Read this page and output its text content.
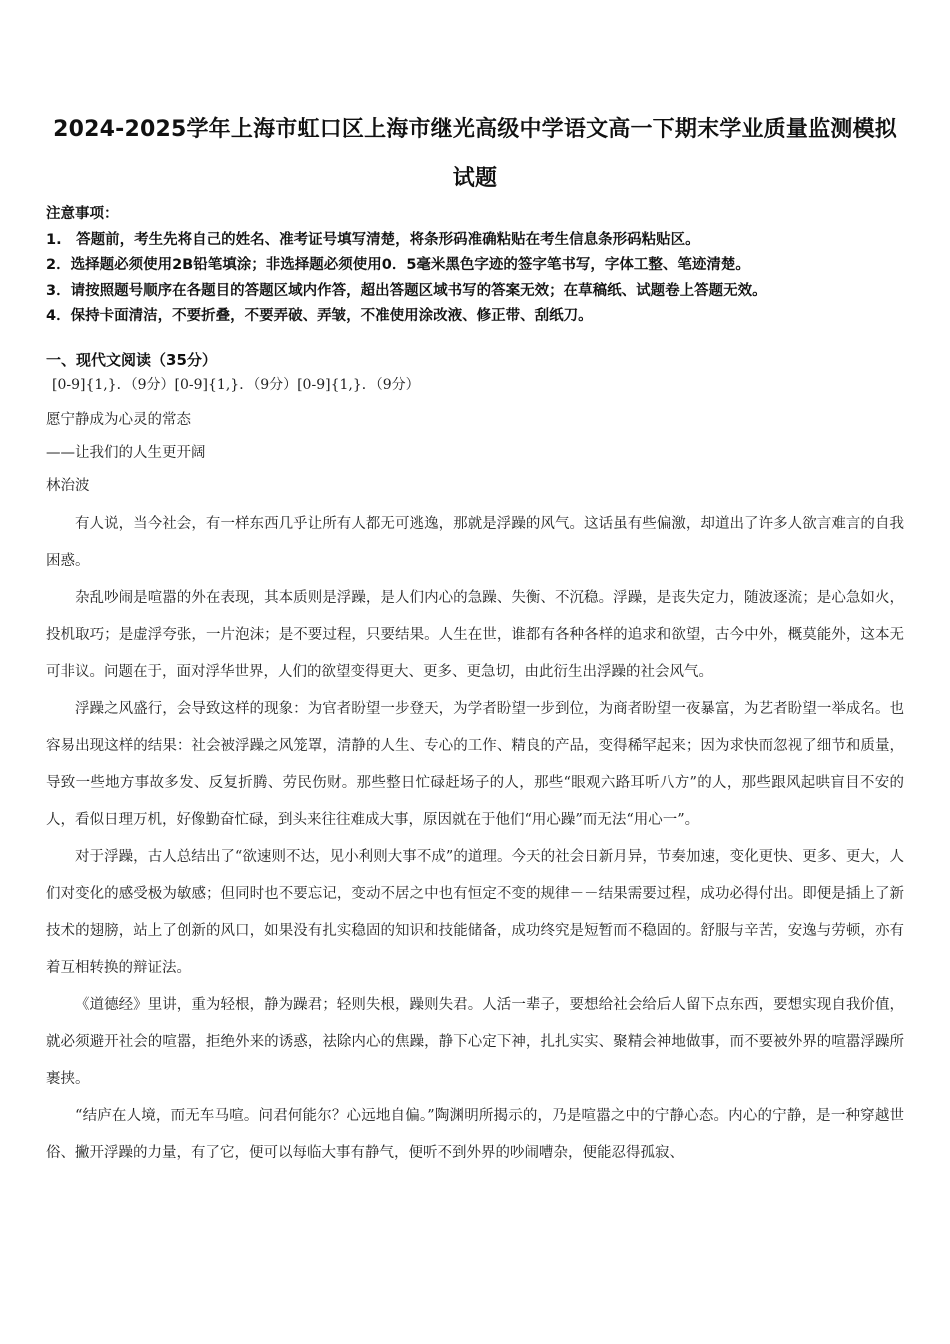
2024-2025学年上海市虹口区上海市继光高级中学语文高一下期末学业质量监测模拟
试题
注意事项：
1.　答题前，考生先将自己的姓名、准考证号填写清楚，将条形码准确粘贴在考生信息条形码粘贴区。
2．选择题必须使用2B铅笔填涂；非选择题必须使用0．5毫米黑色字迹的签字笔书写，字体工整、笔迹清楚。
3．请按照题号顺序在各题目的答题区域内作答，超出答题区域书写的答案无效；在草稿纸、试题卷上答题无效。
4．保持卡面清洁，不要折叠，不要弄破、弄皱，不准使用涂改液、修正带、刮纸刀。
一、现代文阅读（35分）
[0-9]{1,}．（9分）[0-9]{1,}．（9分）[0-9]{1,}．（9分）
愿宁静成为心灵的常态
——让我们的人生更开阔
林治波

有人说，当今社会，有一样东西几乎让所有人都无可逃逸，那就是浮躁的风气。这话虽有些偏激，却道出了许多人欲言难言的自我困惑。

杂乱吵闹是喧嚣的外在表现，其本质则是浮躁，是人们内心的急躁、失衡、不沉稳。浮躁，是丧失定力，随波逐流；是心急如火，投机取巧；是虚浮夸张，一片泡沫；是不要过程，只要结果。人生在世，谁都有各种各样的追求和欲望，古今中外，概莫能外，这本无可非议。问题在于，面对浮华世界，人们的欲望变得更大、更多、更急切，由此衍生出浮躁的社会风气。

浮躁之风盛行，会导致这样的现象：为官者盼望一步登天，为学者盼望一步到位，为商者盼望一夜暴富，为艺者盼望一举成名。也容易出现这样的结果：社会被浮躁之风笼罩，清静的人生、专心的工作、精良的产品，变得稀罕起来；因为求快而忽视了细节和质量，导致一些地方事故多发、反复折腾、劳民伤财。那些整日忙碌赶场子的人，那些“眼观六路耳听八方”的人，那些跟风起哄盲目不安的人，看似日理万机，好像勤奋忙碌，到头来往往难成大事，原因就在于他们“用心躁”而无法“用心一”。

对于浮躁，古人总结出了“欲速则不达，见小利则大事不成”的道理。今天的社会日新月异，节奏加速，变化更快、更多、更大，人们对变化的感受极为敏感；但同时也不要忘记，变动不居之中也有恒定不变的规律－－结果需要过程，成功必得付出。即便是插上了新技术的翅膀，站上了创新的风口，如果没有扎实稳固的知识和技能储备，成功终究是短暂而不稳固的。舒服与辛苦，安逸与劳顿，亦有着互相转换的辩证法。

《道德经》里讲，重为轻根，静为躁君；轻则失根，躁则失君。人活一辈子，要想给社会给后人留下点东西，要想实现自我价值，就必须避开社会的喧嚣，拒绝外来的诱惑，祛除内心的焦躁，静下心定下神，扎扎实实、聚精会神地做事，而不要被外界的喧嚣浮躁所裹挟。

“结庐在人境，而无车马喧。问君何能尔？心远地自偏。”陶渊明所揭示的，乃是喧嚣之中的宁静心态。内心的宁静，是一种穿越世俗、撇开浮躁的力量，有了它，便可以每临大事有静气，便听不到外界的吵闹嘈杂，便能忍得孤寂、
